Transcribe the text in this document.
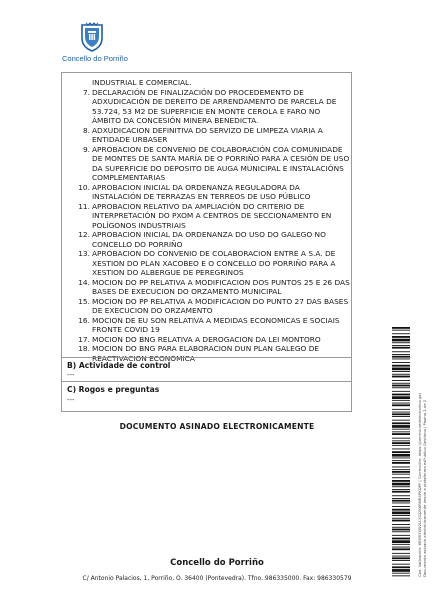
Concello do Porriño
INDUSTRIAL E COMERCIAL.
7. DECLARACIÓN DE FINALIZACIÓN DO PROCEDEMENTO DE ADXUDICACIÓN DE DEREITO DE ARRENDAMENTO DE PARCELA DE 53.724, 53 M2 DE SUPERFICIE EN MONTE CEROLA E FARO NO ÁMBITO DA CONCESIÓN MINERA BENEDICTA.
8. ADXUDICACION DEFINITIVA DO SERVIZO DE LIMPEZA VIARIA A ENTIDADE URBASER
9. APROBACION DE CONVENIO DE COLABORACIÓN COA COMUNIDADE DE MONTES DE SANTA MARÍA DE O PORRIÑO PARA A CESIÓN DE USO DA SUPERFICIE DO DEPOSITO DE AUGA MUNICIPAL E INSTALACIÓNS COMPLEMENTARIAS
10. APROBACION INICIAL DA ORDENANZA REGULADORA DA INSTALACIÓN DE TERRAZAS EN TERREOS DE USO PÚBLICO
11. APROBACION RELATIVO DA AMPLIACIÓN DO CRITERIO DE INTERPRETACIÓN DO PXOM A CENTROS DE SECCIONAMENTO EN POLÍGONOS INDUSTRIAIS
12. APROBACION INICIAL DA ORDENANZA DO USO DO GALEGO NO CONCELLO DO PORRIÑO
13. APROBACION DO CONVENIO DE COLABORACION ENTRE A S.A. DE XESTION DO PLAN XACOBEO E O CONCELLO DO PORRIÑO PARA A XESTION DO ALBERGUE DE PEREGRINOS
14. MOCION DO PP RELATIVA A MODIFICACION DOS PUNTOS 25 E 26 DAS BASES DE EXECUCION DO ORZAMENTO MUNICIPAL
15. MOCION DO PP RELATIVA A MODIFICACION DO PUNTO 27 DAS BASES DE EXECUCION DO ORZAMENTO
16. MOCION DE EU SON RELATIVA A MEDIDAS ECONOMICAS E SOCIAIS FRONTE COVID 19
17. MOCION DO BNG RELATIVA A DEROGACION DA LEI MONTORO
18. MOCION DO BNG PARA ELABORACION DUN PLAN GALEGO DE REACTIVACION ECONOMICA
B) Actividade de control
---
C) Rogos e preguntas
---
DOCUMENTO ASINADO ELECTRONICAMENTE	Cód. Validación: 6EM5Y4W2LLXGJ2K6RNRXPKQPF | Corrección: https://porrino.sedelectronica.gal Documento asinado electrónicamente desde a plataforma esPublico Gestiona | Páxina 2 de 2
Concello do Porriño
C/ Antonio Palacios, 1, Porriño, O. 36400 (Pontevedra). Tfno. 986335000. Fax: 986330579
